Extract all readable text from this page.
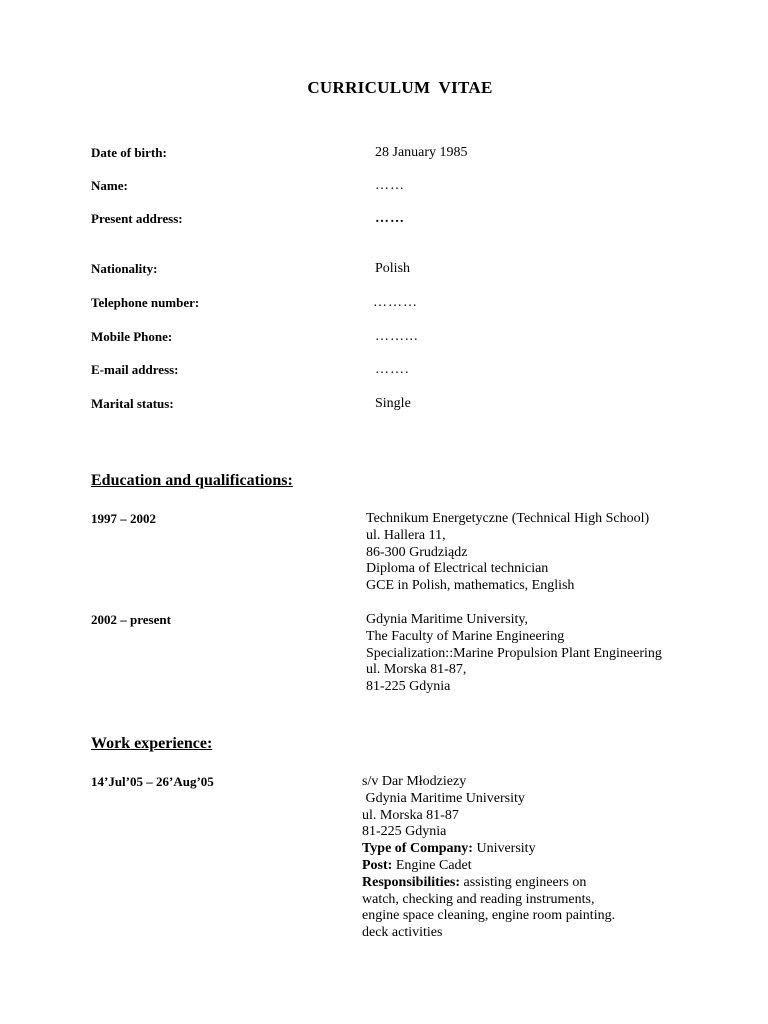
CURRICULUM VITAE
Date of birth:	28 January 1985
Name:	……
Present address:	……
Nationality:	Polish
Telephone number:	………
Mobile Phone:	……...
E-mail address:	…….
Marital status:	Single
Education and qualifications:
1997 – 2002	Technikum Energetyczne (Technical High School)
ul. Hallera 11,
86-300 Grudziądz
Diploma of Electrical technician
GCE in Polish, mathematics, English
2002 – present	Gdynia Maritime University,
The Faculty of Marine Engineering
Specialization::Marine Propulsion Plant Engineering
ul. Morska 81-87,
81-225 Gdynia
Work experience:
14’Jul’05 – 26’Aug’05	s/v Dar Młodziezy
Gdynia Maritime University
ul. Morska 81-87
81-225 Gdynia
Type of Company: University
Post: Engine Cadet
Responsibilities: assisting engineers on
watch, checking and reading instruments,
engine space cleaning, engine room painting.
deck activities
